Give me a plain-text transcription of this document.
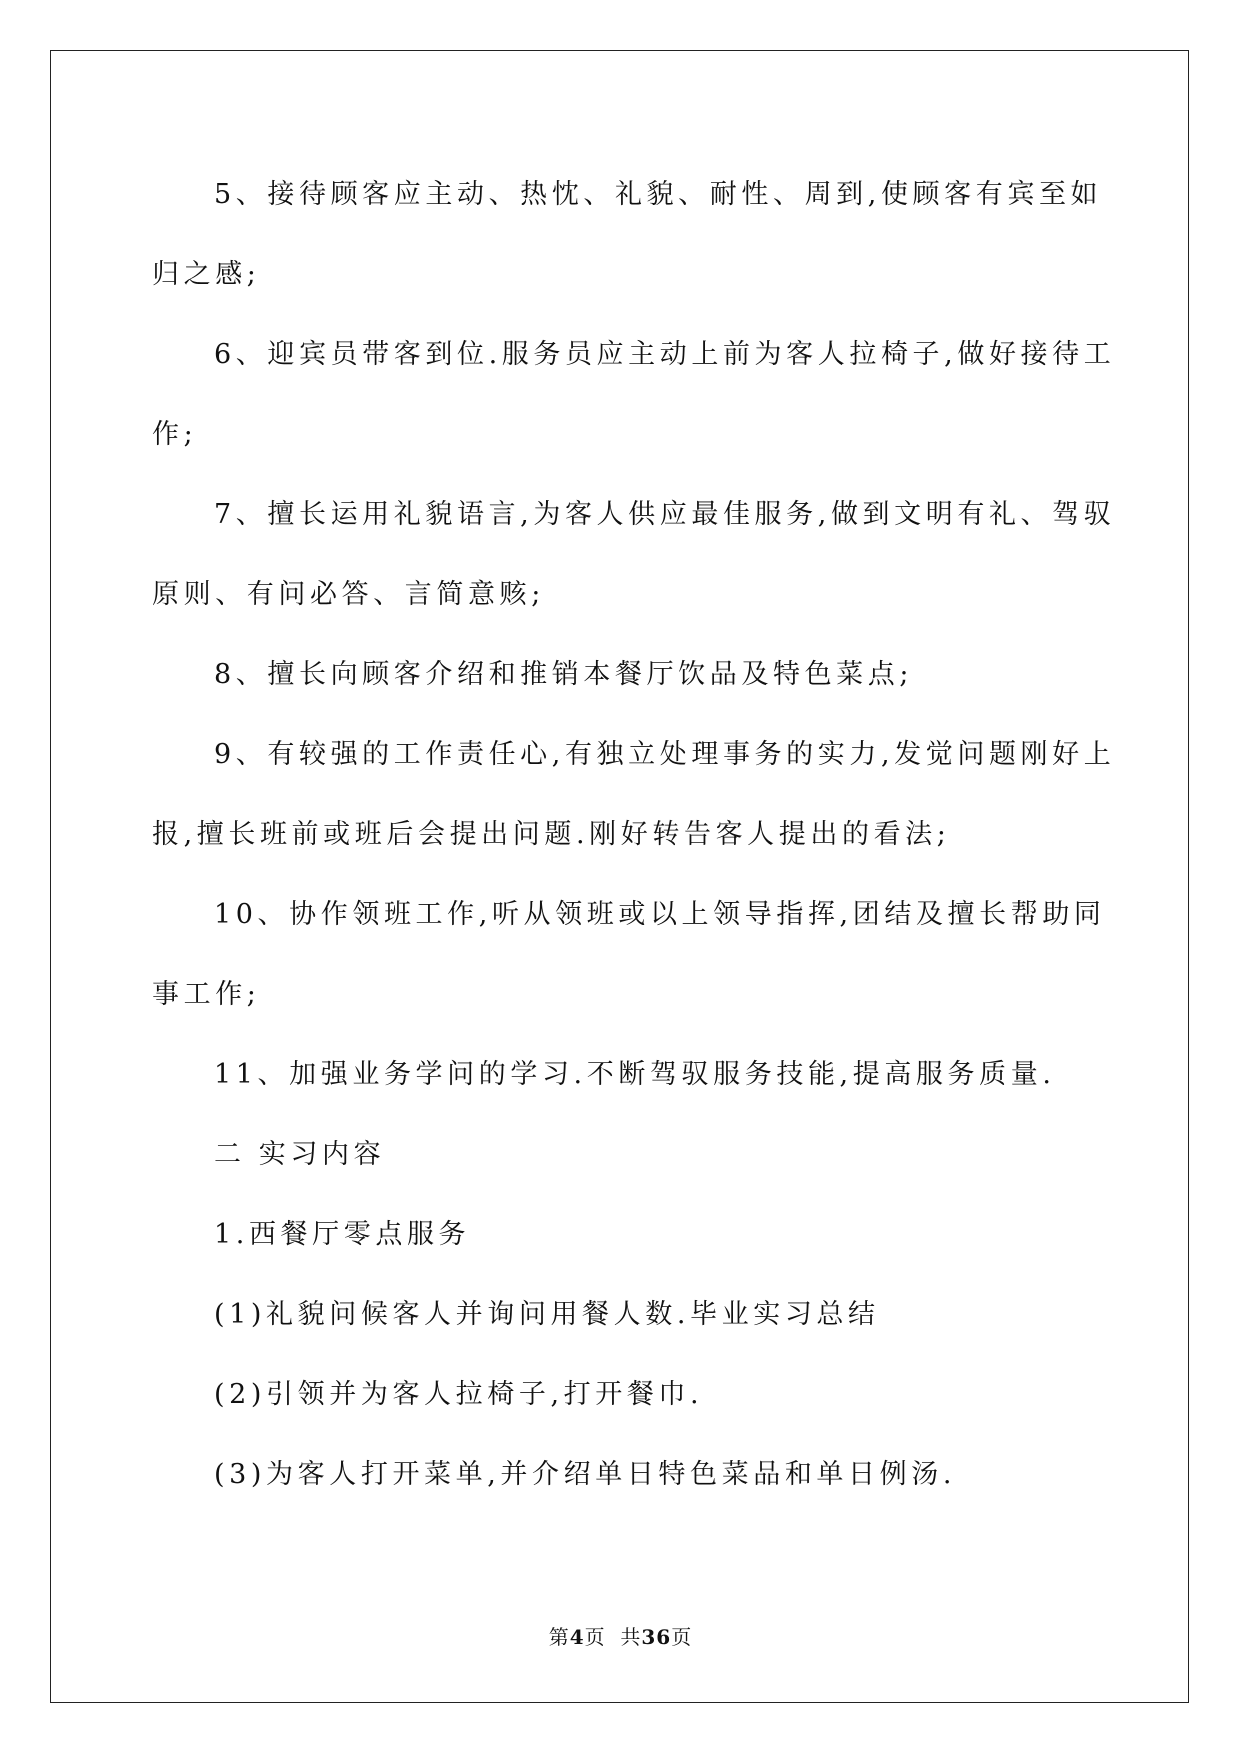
5、接待顾客应主动、热忱、礼貌、耐性、周到,使顾客有宾至如

归之感;

6、迎宾员带客到位.服务员应主动上前为客人拉椅子,做好接待工

作;

7、擅长运用礼貌语言,为客人供应最佳服务,做到文明有礼、驾驭

原则、有问必答、言简意赅;

8、擅长向顾客介绍和推销本餐厅饮品及特色菜点;

9、有较强的工作责任心,有独立处理事务的实力,发觉问题刚好上

报,擅长班前或班后会提出问题.刚好转告客人提出的看法;

10、协作领班工作,听从领班或以上领导指挥,团结及擅长帮助同

事工作;

11、加强业务学问的学习.不断驾驭服务技能,提高服务质量.

二 实习内容

1.西餐厅零点服务

(1)礼貌问候客人并询问用餐人数.毕业实习总结

(2)引领并为客人拉椅子,打开餐巾.

(3)为客人打开菜单,并介绍单日特色菜品和单日例汤.

第4页  共36页
